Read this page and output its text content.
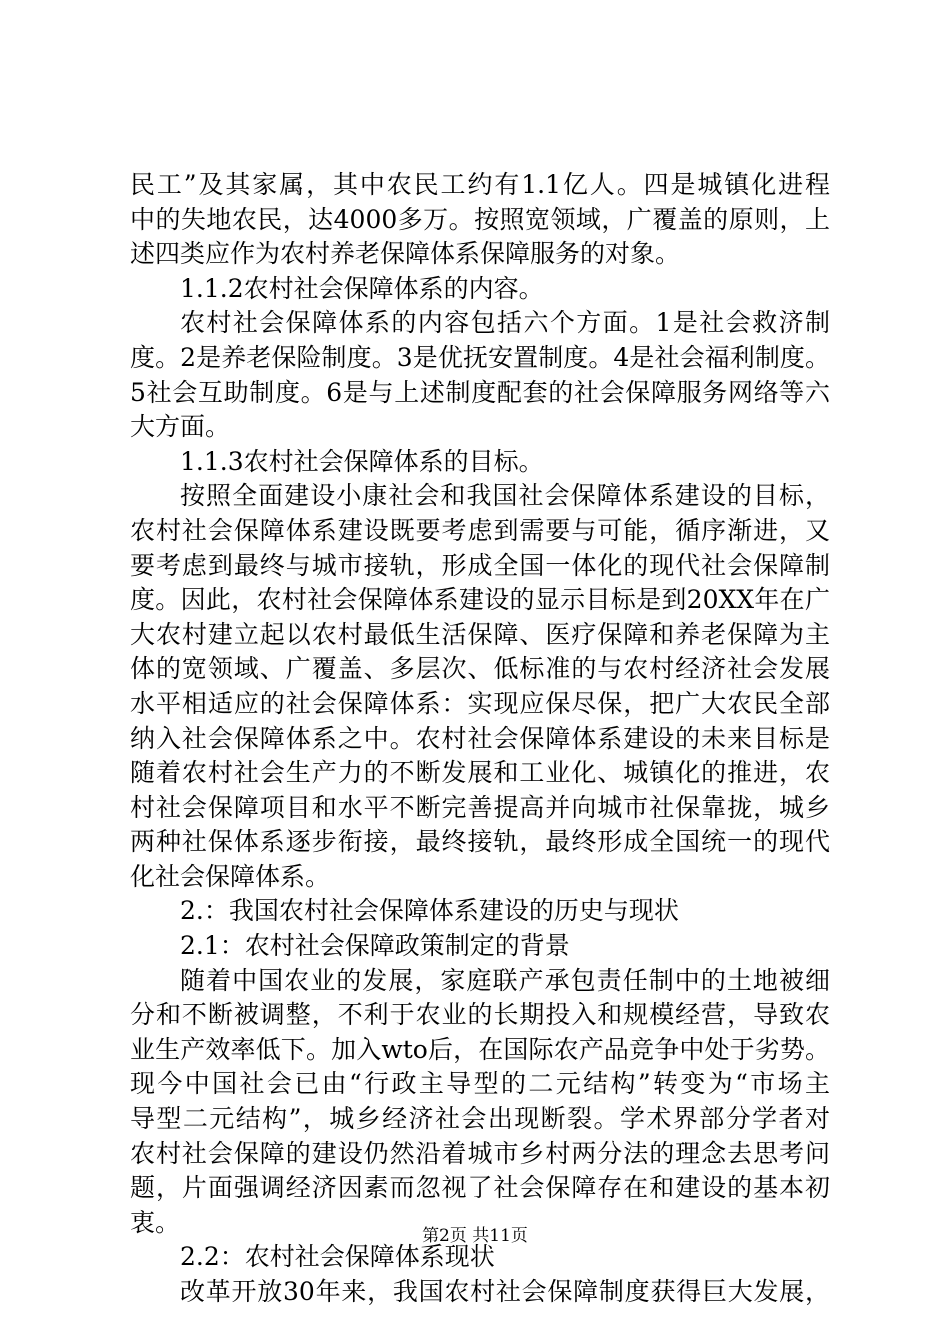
民工”及其家属，其中农民工约有1.1亿人。四是城镇化进程
中的失地农民，达4000多万。按照宽领域，广覆盖的原则，上
述四类应作为农村养老保障体系保障服务的对象。
1.1.2农村社会保障体系的内容。
农村社会保障体系的内容包括六个方面。1是社会救济制
度。2是养老保险制度。3是优抚安置制度。4是社会福利制度。
5社会互助制度。6是与上述制度配套的社会保障服务网络等六
大方面。
1.1.3农村社会保障体系的目标。
按照全面建设小康社会和我国社会保障体系建设的目标，
农村社会保障体系建设既要考虑到需要与可能，循序渐进，又
要考虑到最终与城市接轨，形成全国一体化的现代社会保障制
度。因此，农村社会保障体系建设的显示目标是到20XX年在广
大农村建立起以农村最低生活保障、医疗保障和养老保障为主
体的宽领域、广覆盖、多层次、低标准的与农村经济社会发展
水平相适应的社会保障体系：实现应保尽保，把广大农民全部
纳入社会保障体系之中。农村社会保障体系建设的未来目标是
随着农村社会生产力的不断发展和工业化、城镇化的推进，农
村社会保障项目和水平不断完善提高并向城市社保靠拢，城乡
两种社保体系逐步衔接，最终接轨，最终形成全国统一的现代
化社会保障体系。
2.：我国农村社会保障体系建设的历史与现状
2.1：农村社会保障政策制定的背景
随着中国农业的发展，家庭联产承包责任制中的土地被细
分和不断被调整，不利于农业的长期投入和规模经营，导致农
业生产效率低下。加入wto后，在国际农产品竞争中处于劣势。
现今中国社会已由“行政主导型的二元结构”转变为“市场主
导型二元结构”，城乡经济社会出现断裂。学术界部分学者对
农村社会保障的建设仍然沿着城市乡村两分法的理念去思考问
题，片面强调经济因素而忽视了社会保障存在和建设的基本初
衷。
2.2：农村社会保障体系现状
改革开放30年来，我国农村社会保障制度获得巨大发展，
第2页 共11页
